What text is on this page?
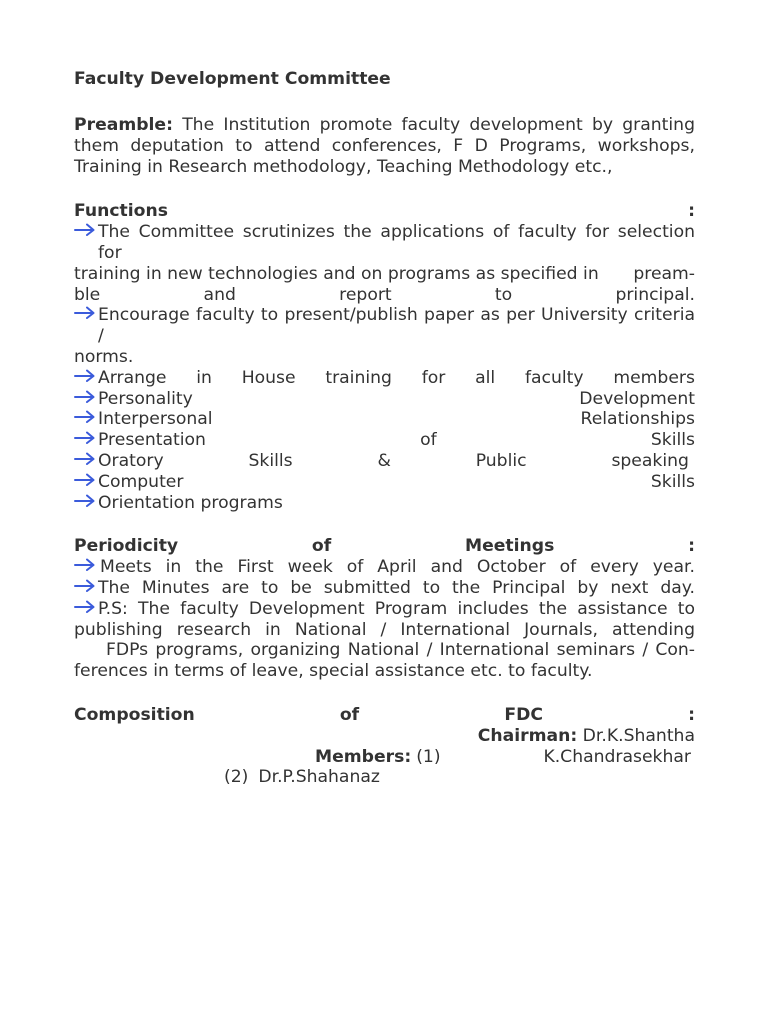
Faculty Development Committee
Preamble: The Institution promote faculty development by granting
them deputation to attend conferences, F D Programs, workshops,

Training in Research methodology, Teaching Methodology etc.,

Functions	:
The Committee scrutinizes the applications of faculty for selection for
training in new technologies and on programs as specified in pream-
ble	and	report	to	principal.
Encourage faculty to present/publish paper as per University criteria /

norms.

Arrange in House training for all faculty members
Personality	Development
Interpersonal	Relationships
Presentation	of	Skills
Oratory	Skills	&	Public	speaking
Computer	Skills
Orientation programs
Periodicity	of	Meetings	:
Meets in the First week of April and October of every year.
The Minutes are to be submitted to the Principal by next day.
P.S: The faculty Development Program includes the assistance to

publishing research in National / International Journals, attending

FDPs programs, organizing National / International seminars / Con-

ferences in terms of leave, special assistance etc. to faculty.

Composition	of	FDC	:
Chairman: Dr.K.Shantha
Members: (1)	K.Chandrasekhar
(2) Dr.P.Shahanaz
